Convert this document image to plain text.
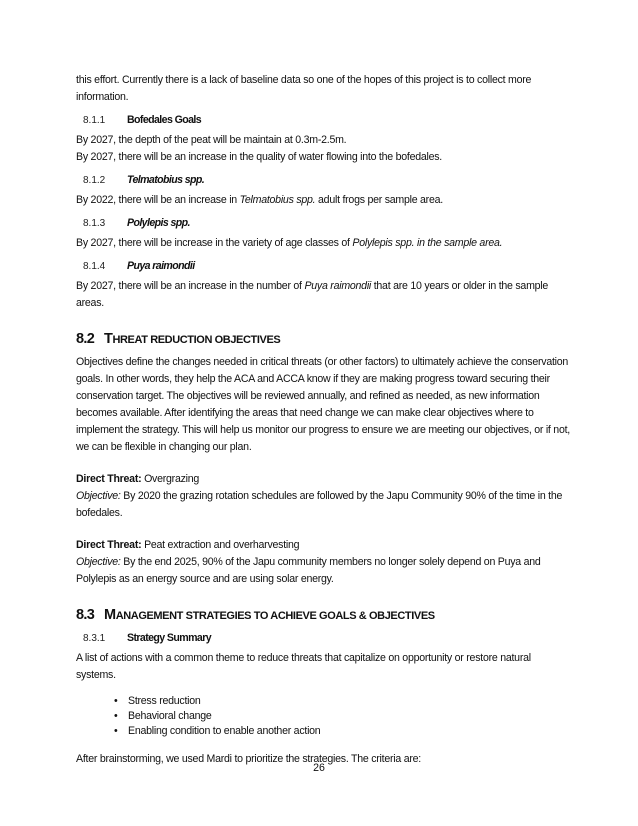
this effort. Currently there is a lack of baseline data so one of the hopes of this project is to collect more information.

8.1.1	Bofedales Goals

By 2027, the depth of the peat will be maintain at 0.3m-2.5m.

By 2027, there will be an increase in the quality of water flowing into the bofedales.

8.1.2	Telmatobius spp.

By 2022, there will be an increase in Telmatobius spp. adult frogs per sample area.

8.1.3	Polylepis spp.

By 2027, there will be increase in the variety of age classes of Polylepis spp. in the sample area.

8.1.4	Puya raimondii

By 2027, there will be an increase in the number of Puya raimondii that are 10 years or older in the sample areas.

8.2 THREAT REDUCTION OBJECTIVES

Objectives define the changes needed in critical threats (or other factors) to ultimately achieve the conservation goals. In other words, they help the ACA and ACCA know if they are making progress toward securing their conservation target. The objectives will be reviewed annually, and refined as needed, as new information becomes available. After identifying the areas that need change we can make clear objectives where to implement the strategy. This will help us monitor our progress to ensure we are meeting our objectives, or if not, we can be flexible in changing our plan.

Direct Threat: Overgrazing

Objective: By 2020 the grazing rotation schedules are followed by the Japu Community 90% of the time in the bofedales.

Direct Threat: Peat extraction and overharvesting

Objective: By the end 2025, 90% of the Japu community members no longer solely depend on Puya and Polylepis as an energy source and are using solar energy.

8.3 MANAGEMENT STRATEGIES TO ACHIEVE GOALS & OBJECTIVES
8.3.1	Strategy Summary

A list of actions with a common theme to reduce threats that capitalize on opportunity or restore natural systems.

• Stress reduction
• Behavioral change
• Enabling condition to enable another action

After brainstorming, we used Mardi to prioritize the strategies. The criteria are:

26
